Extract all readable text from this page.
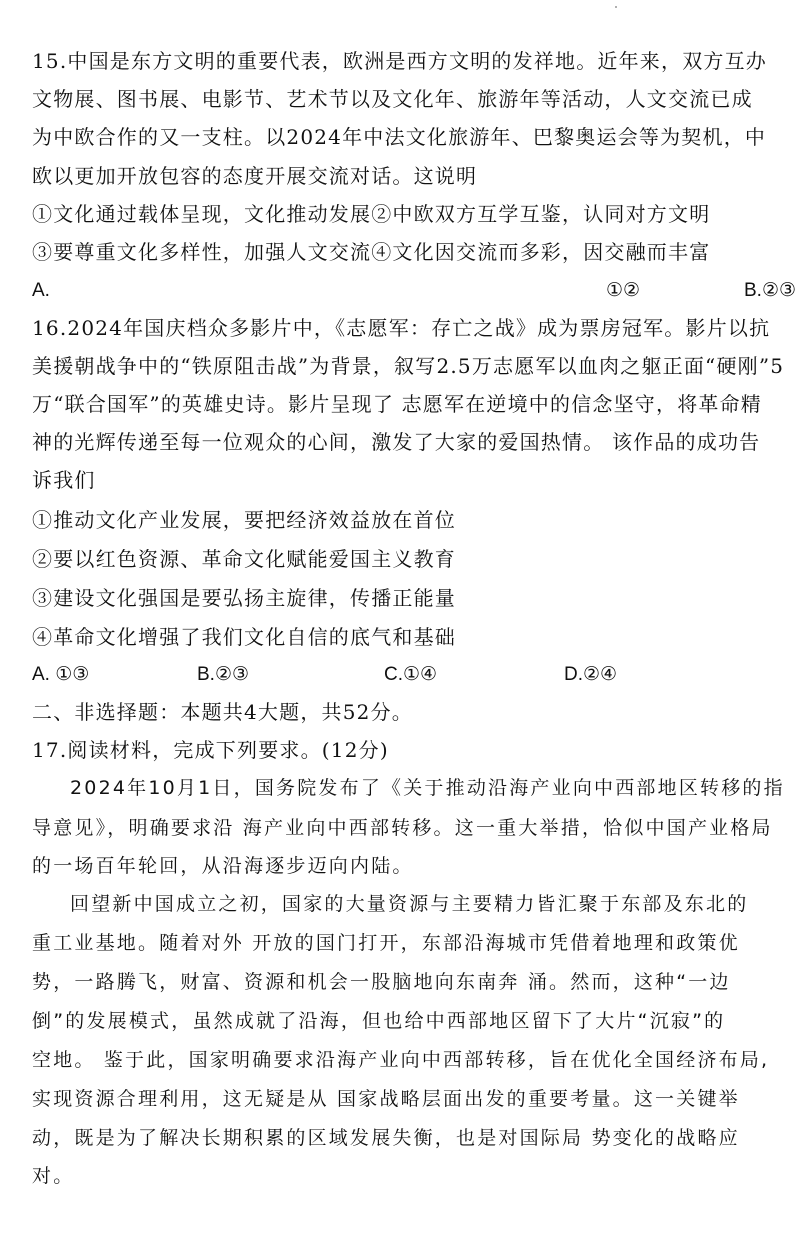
15.中国是东方文明的重要代表，欧洲是西方文明的发祥地。近年来，双方互办
文物展、图书展、电影节、艺术节以及文化年、旅游年等活动，人文交流已成
为中欧合作的又一支柱。以2024年中法文化旅游年、巴黎奥运会等为契机，中
欧以更加开放包容的态度开展交流对话。这说明
①文化通过载体呈现，文化推动发展②中欧双方互学互鉴，认同对方文明
③要尊重文化多样性，加强人文交流④文化因交流而多彩，因交融而丰富
A.	①②	B.②③
16.2024年国庆档众多影片中，《志愿军：存亡之战》成为票房冠军。影片以抗
美援朝战争中的“铁原阻击战”为背景，叙写2.5万志愿军以血肉之躯正面“硬刚”5
万“联合国军”的英雄史诗。影片呈现了 志愿军在逆境中的信念坚守，将革命精
神的光辉传递至每一位观众的心间，激发了大家的爱国热情。 该作品的成功告
诉我们
①推动文化产业发展，要把经济效益放在首位
②要以红色资源、革命文化赋能爱国主义教育
③建设文化强国是要弘扬主旋律，传播正能量
④革命文化增强了我们文化自信的底气和基础
A. ①③	B.②③	C.①④	D.②④
二、非选择题：本题共4大题，共52分。
17.阅读材料，完成下列要求。(12分)
2024年10月1日，国务院发布了《关于推动沿海产业向中西部地区转移的指
导意见》，明确要求沿 海产业向中西部转移。这一重大举措，恰似中国产业格局
的一场百年轮回，从沿海逐步迈向内陆。
回望新中国成立之初，国家的大量资源与主要精力皆汇聚于东部及东北的
重工业基地。随着对外 开放的国门打开，东部沿海城市凭借着地理和政策优
势，一路腾飞，财富、资源和机会一股脑地向东南奔 涌。然而，这种“一边
倒”的发展模式，虽然成就了沿海，但也给中西部地区留下了大片“沉寂”的
空地。 鉴于此，国家明确要求沿海产业向中西部转移，旨在优化全国经济布局,
实现资源合理利用，这无疑是从 国家战略层面出发的重要考量。这一关键举
动，既是为了解决长期积累的区域发展失衡，也是对国际局 势变化的战略应
对。
